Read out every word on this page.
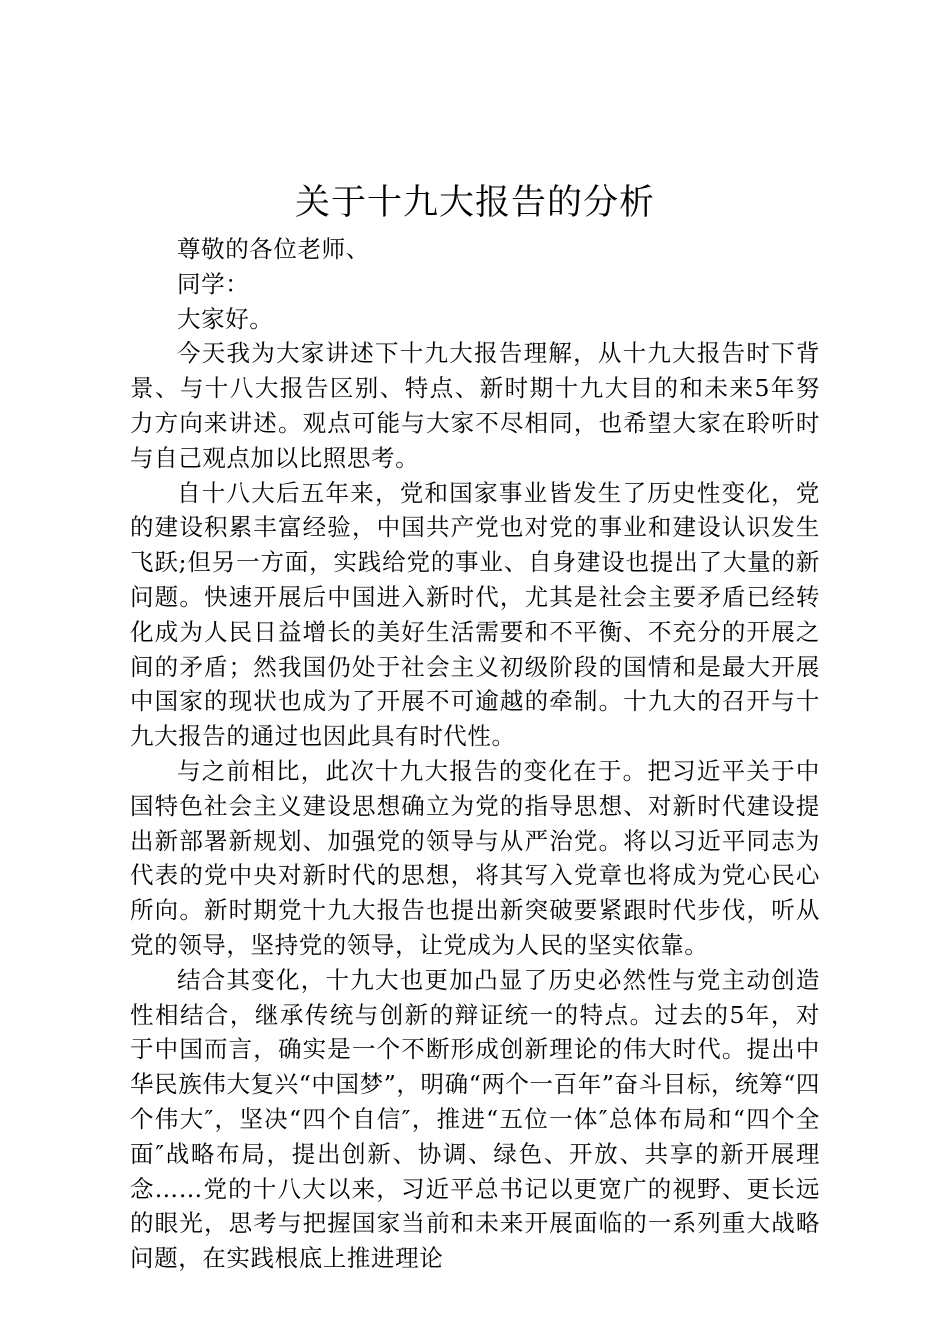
关于十九大报告的分析

尊敬的各位老师、

同学：

大家好。

今天我为大家讲述下十九大报告理解，从十九大报告时下背景、与十八大报告区别、特点、新时期十九大目的和未来5年努力方向来讲述。观点可能与大家不尽相同，也希望大家在聆听时与自己观点加以比照思考。

自十八大后五年来，党和国家事业皆发生了历史性变化，党的建设积累丰富经验，中国共产党也对党的事业和建设认识发生飞跃;但另一方面，实践给党的事业、自身建设也提出了大量的新问题。快速开展后中国进入新时代，尤其是社会主要矛盾已经转化成为人民日益增长的美好生活需要和不平衡、不充分的开展之间的矛盾；然我国仍处于社会主义初级阶段的国情和是最大开展中国家的现状也成为了开展不可逾越的牵制。十九大的召开与十九大报告的通过也因此具有时代性。

与之前相比，此次十九大报告的变化在于。把习近平关于中国特色社会主义建设思想确立为党的指导思想、对新时代建设提出新部署新规划、加强党的领导与从严治党。将以习近平同志为代表的党中央对新时代的思想，将其写入党章也将成为党心民心所向。新时期党十九大报告也提出新突破要紧跟时代步伐，听从党的领导，坚持党的领导，让党成为人民的坚实依靠。

结合其变化，十九大也更加凸显了历史必然性与党主动创造性相结合，继承传统与创新的辩证统一的特点。过去的5年，对于中国而言，确实是一个不断形成创新理论的伟大时代。提出中华民族伟大复兴“中国梦”，明确“两个一百年”奋斗目标，统筹“四个伟大″，坚决“四个自信″，推进“五位一体″总体布局和“四个全面″战略布局，提出创新、协调、绿色、开放、共享的新开展理念……党的十八大以来，习近平总书记以更宽广的视野、更长远的眼光，思考与把握国家当前和未来开展面临的一系列重大战略问题，在实践根底上推进理论
